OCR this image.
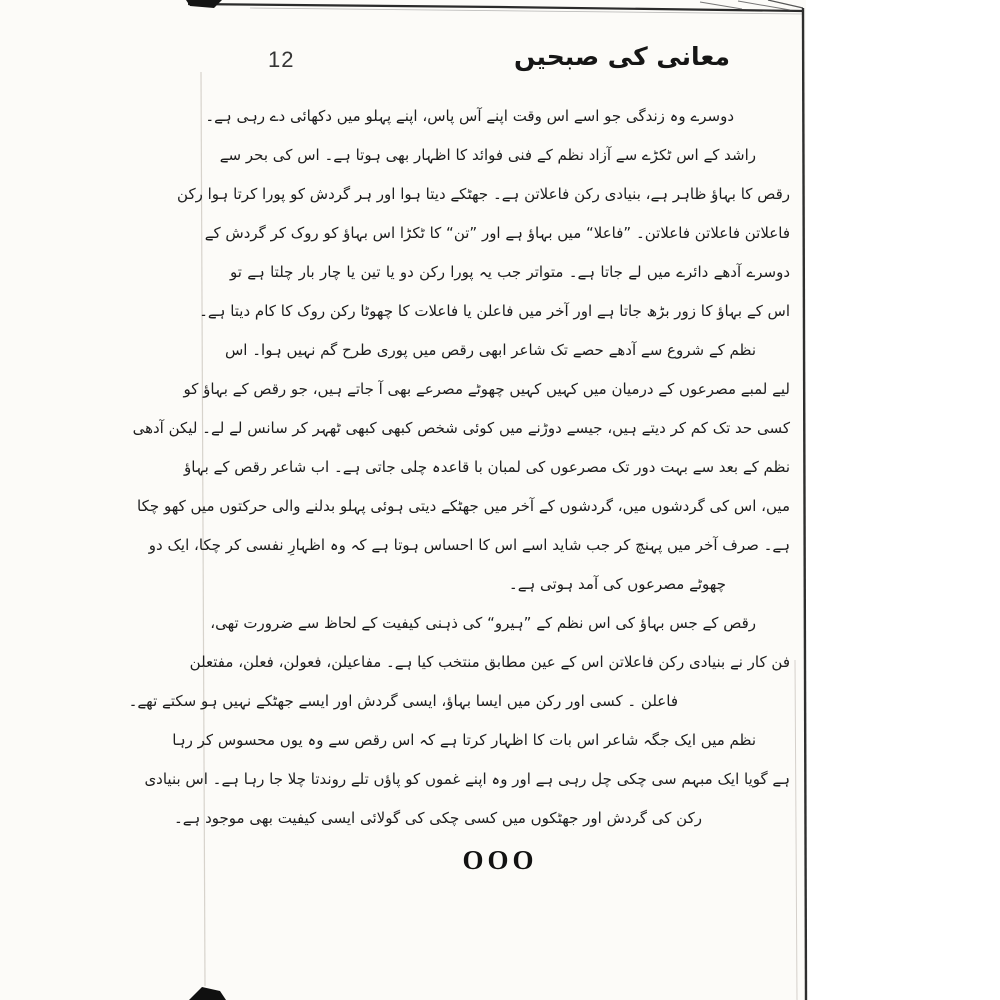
12	معانی کی صبحیں
دوسرے وہ زندگی جو اسے اس وقت اپنے آس پاس، اپنے پہلو میں دکھائی دے رہی ہے۔
راشد کے اس ٹکڑے سے آزاد نظم کے فنی فوائد کا اظہار بھی ہوتا ہے۔ اس کی بحر سے
رقص کا بہاؤ ظاہر ہے، بنیادی رکن فاعلاتن ہے۔ جھٹکے دیتا ہوا اور ہر گردش کو پورا کرتا ہوا رکن
فاعلاتن فاعلاتن فاعلاتن۔ ”فاعلا“ میں بہاؤ ہے اور ”تن“ کا ٹکڑا اس بہاؤ کو روک کر گردش کے
دوسرے آدھے دائرے میں لے جاتا ہے۔ متواتر جب یہ پورا رکن دو یا تین یا چار بار چلتا ہے تو
اس کے بہاؤ کا زور بڑھ جاتا ہے اور آخر میں فاعلن یا فاعلات کا چھوٹا رکن روک کا کام دیتا ہے۔
نظم کے شروع سے آدھے حصے تک شاعر ابھی رقص میں پوری طرح گم نہیں ہوا۔ اس
لیے لمبے مصرعوں کے درمیان میں کہیں کہیں چھوٹے مصرعے بھی آ جاتے ہیں، جو رقص کے بہاؤ کو
کسی حد تک کم کر دیتے ہیں، جیسے دوڑنے میں کوئی شخص کبھی کبھی ٹھہر کر سانس لے لے۔ لیکن آدھی
نظم کے بعد سے بہت دور تک مصرعوں کی لمبان با قاعدہ چلی جاتی ہے۔ اب شاعر رقص کے بہاؤ
میں، اس کی گردشوں میں، گردشوں کے آخر میں جھٹکے دیتی ہوئی پہلو بدلنے والی حرکتوں میں کھو چکا
ہے۔ صرف آخر میں پہنچ کر جب شاید اسے اس کا احساس ہوتا ہے کہ وہ اظہارِ نفسی کر چکا، ایک دو
چھوٹے مصرعوں کی آمد ہوتی ہے۔
رقص کے جس بہاؤ کی اس نظم کے ”ہیرو“ کی ذہنی کیفیت کے لحاظ سے ضرورت تھی،
فن کار نے بنیادی رکن فاعلاتن اس کے عین مطابق منتخب کیا ہے۔ مفاعیلن، فعولن، فعلن، مفتعلن
فاعلن ۔ کسی اور رکن میں ایسا بہاؤ، ایسی گردش اور ایسے جھٹکے نہیں ہو سکتے تھے۔
نظم میں ایک جگہ شاعر اس بات کا اظہار کرتا ہے کہ اس رقص سے وہ یوں محسوس کر رہا
ہے گویا ایک مبہم سی چکی چل رہی ہے اور وہ اپنے غموں کو پاؤں تلے روندتا چلا جا رہا ہے۔ اس بنیادی
رکن کی گردش اور جھٹکوں میں کسی چکی کی گولائی ایسی کیفیت بھی موجود ہے۔
OOO
